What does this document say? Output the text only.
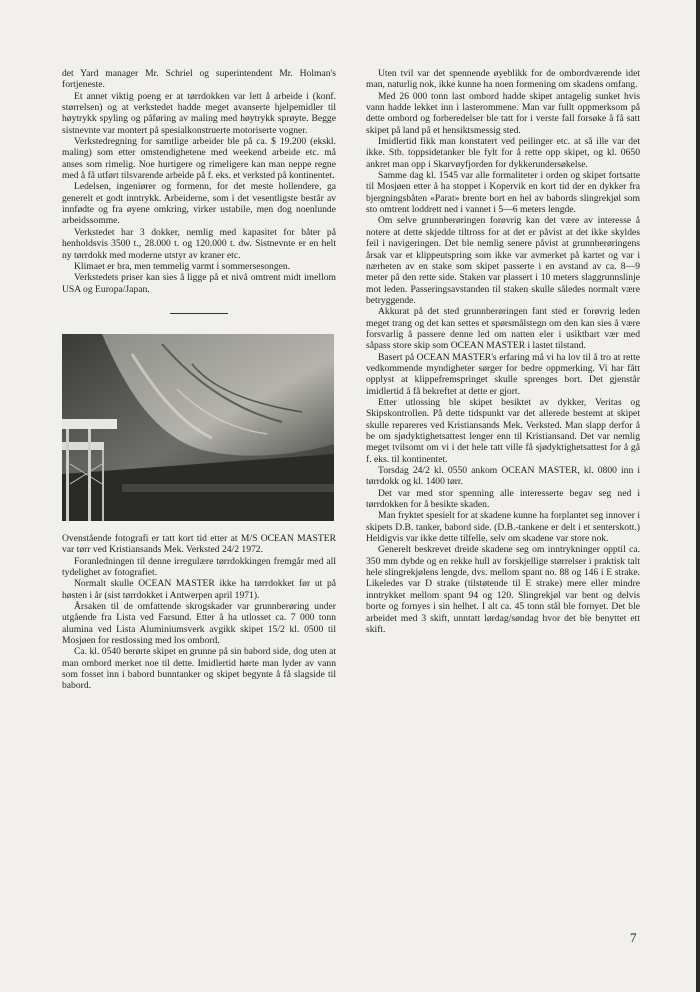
det Yard manager Mr. Schriel og superintendent Mr. Holman's fortjeneste.

Et annet viktig poeng er at tørrdokken var lett å arbeide i (konf. størrelsen) og at verkstedet hadde meget avanserte hjelpemidler til høytrykk spyling og påføring av maling med høytrykk sprøyte. Begge sistnevnte var montert på spesialkonstruerte motoriserte vogner.

Verkstedregning for samtlige arbeider ble på ca. $ 19.200 (ekskl. maling) som etter omstendighetene med weekend arbeide etc. må anses som rimelig. Noe hurtigere og rimeligere kan man neppe regne med å få utført tilsvarende arbeide på f. eks. et verksted på kontinentet.

Ledelsen, ingeniører og formenn, for det meste hollendere, ga generelt et godt inntrykk. Arbeiderne, som i det vesentligste består av innfødte og fra øyene omkring, virker ustabile, men dog noenlunde arbeidssomme.

Verkstedet har 3 dokker, nemlig med kapasitet for båter på henholdsvis 3500 t., 28.000 t. og 120.000 t. dw. Sistnevnte er en helt ny tørrdokk med moderne utstyr av kraner etc.

Klimaet er bra, men temmelig varmt i sommersesongen.

Verkstedets priser kan sies å ligge på et nivå omtrent midt imellom USA og Europa/Japan.

Ovenstående fotografi er tatt kort tid etter at M/S OCEAN MASTER var tørr ved Kristiansands Mek. Verksted 24/2 1972.

Foranledningen til denne irregulære tørrdokkingen fremgår med all tydelighet av fotografiet.

Normalt skulle OCEAN MASTER ikke ha tørrdokket før ut på høsten i år (sist tørrdokket i Antwerpen april 1971).

Årsaken til de omfattende skrogskader var grunnberøring under utgående fra Lista ved Farsund. Etter å ha utlosset ca. 7 000 tonn alumina ved Lista Aluminiumsverk avgikk skipet 15/2 kl. 0500 til Mosjøen for restlossing med los ombord.

Ca. kl. 0540 berørte skipet en grunne på sin babord side, dog uten at man ombord merket noe til dette. Imidlertid hørte man lyder av vann som fosset inn i babord bunntanker og skipet begynte å få slagside til babord.

Uten tvil var det spennende øyeblikk for de ombordværende idet man, naturlig nok, ikke kunne ha noen formening om skadens omfang.

Med 26 000 tonn last ombord hadde skipet antagelig sunket hvis vann hadde lekket inn i lasterommene. Man var fullt oppmerksom på dette ombord og forberedelser ble tatt for i verste fall forsøke å få satt skipet på land på et hensiktsmessig sted.

Imidlertid fikk man konstatert ved peilinger etc. at så ille var det ikke. Stb. toppsidetanker ble fylt for å rette opp skipet, og kl. 0650 ankret man opp i Skarvøyfjorden for dykkerundersøkelse.

Samme dag kl. 1545 var alle formaliteter i orden og skipet fortsatte til Mosjøen etter å ha stoppet i Kopervik en kort tid der en dykker fra bjergningsbåten «Parat» brente bort en hel av babords slingrekjøl som sto omtrent loddrett ned i vannet i 5—6 meters lengde.

Om selve grunnberøringen forøvrig kan det være av interesse å notere at dette skjedde tiltross for at det er påvist at det ikke skyldes feil i navigeringen. Det ble nemlig senere påvist at grunnberøringens årsak var et klippeutspring som ikke var avmerket på kartet og var i nærheten av en stake som skipet passerte i en avstand av ca. 8—9 meter på den rette side. Staken var plassert i 10 meters slaggrunnslinje mot leden. Passeringsavstanden til staken skulle således normalt være betryggende.

Akkurat på det sted grunnberøringen fant sted er forøvrig leden meget trang og det kan settes et spørsmålstegn om den kan sies å være forsvarlig å passere denne led om natten eler i usiktbart vær med såpass store skip som OCEAN MASTER i lastet tilstand.

Basert på OCEAN MASTER's erfaring må vi ha lov til å tro at rette vedkommende myndigheter sørger for bedre oppmerking. Vi har fått opplyst at klippefremspringet skulle sprenges bort. Det gjenstår imidlertid å få bekreftet at dette er gjort.

Etter utlossing ble skipet besiktet av dykker, Veritas og Skipskontrollen. På dette tidspunkt var det allerede bestemt at skipet skulle repareres ved Kristiansands Mek. Verksted. Man slapp derfor å be om sjødyktighetsattest lenger enn til Kristiansand. Det var nemlig meget tvilsomt om vi i det hele tatt ville få sjødyktighetsattest for å gå f. eks. til kontinentet.

Torsdag 24/2 kl. 0550 ankom OCEAN MASTER, kl. 0800 inn i tørrdokk og kl. 1400 tørr.

Det var med stor spenning alle interesserte begav seg ned i tørrdokken for å besikte skaden.

Man fryktet spesielt for at skadene kunne ha forplantet seg innover i skipets D.B. tanker, babord side. (D.B.-tankene er delt i et senterskott.) Heldigvis var ikke dette tilfelle, selv om skadene var store nok.

Generelt beskrevet dreide skadene seg om inntrykninger opptil ca. 350 mm dybde og en rekke hull av forskjellige størrelser i praktisk talt hele slingrekjølens lengde, dvs. mellom spant no. 88 og 146 i E strake. Likeledes var D strake (tilstøtende til E strake) mere eller mindre inntrykket mellom spant 94 og 120. Slingrekjøl var bent og delvis borte og fornyes i sin helhet. I alt ca. 45 tonn stål ble fornyet. Det ble arbeidet med 3 skift, unntatt lørdag/søndag hvor det ble benyttet ett skift.

7
